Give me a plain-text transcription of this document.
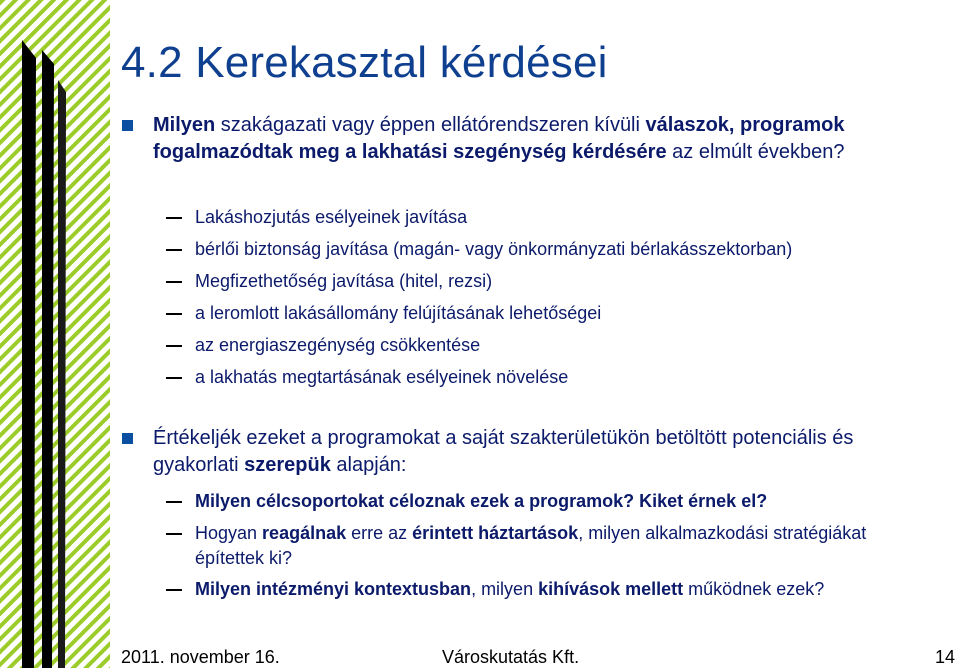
4.2 Kerekasztal kérdései
Milyen szakágazati vagy éppen ellátórendszeren kívüli válaszok, programok fogalmazódtak meg a lakhatási szegénység kérdésére az elmúlt években?
Lakáshozjutás esélyeinek javítása
bérlői biztonság javítása (magán- vagy önkormányzati bérlakásszektorban)
Megfizethetőség javítása (hitel, rezsi)
a leromlott lakásállomány felújításának lehetőségei
az energiaszegénység csökkentése
a lakhatás megtartásának esélyeinek növelése
Értékeljék ezeket a programokat a saját szakterületükön betöltött potenciális és gyakorlati szerepük alapján:
Milyen célcsoportokat céloznak ezek a programok? Kiket érnek el?
Hogyan reagálnak erre az érintett háztartások, milyen alkalmazkodási stratégiákat építettek ki?
Milyen intézményi kontextusban, milyen kihívások mellett működnek ezek?
2011. november 16.	Városkutatás Kft.	14
